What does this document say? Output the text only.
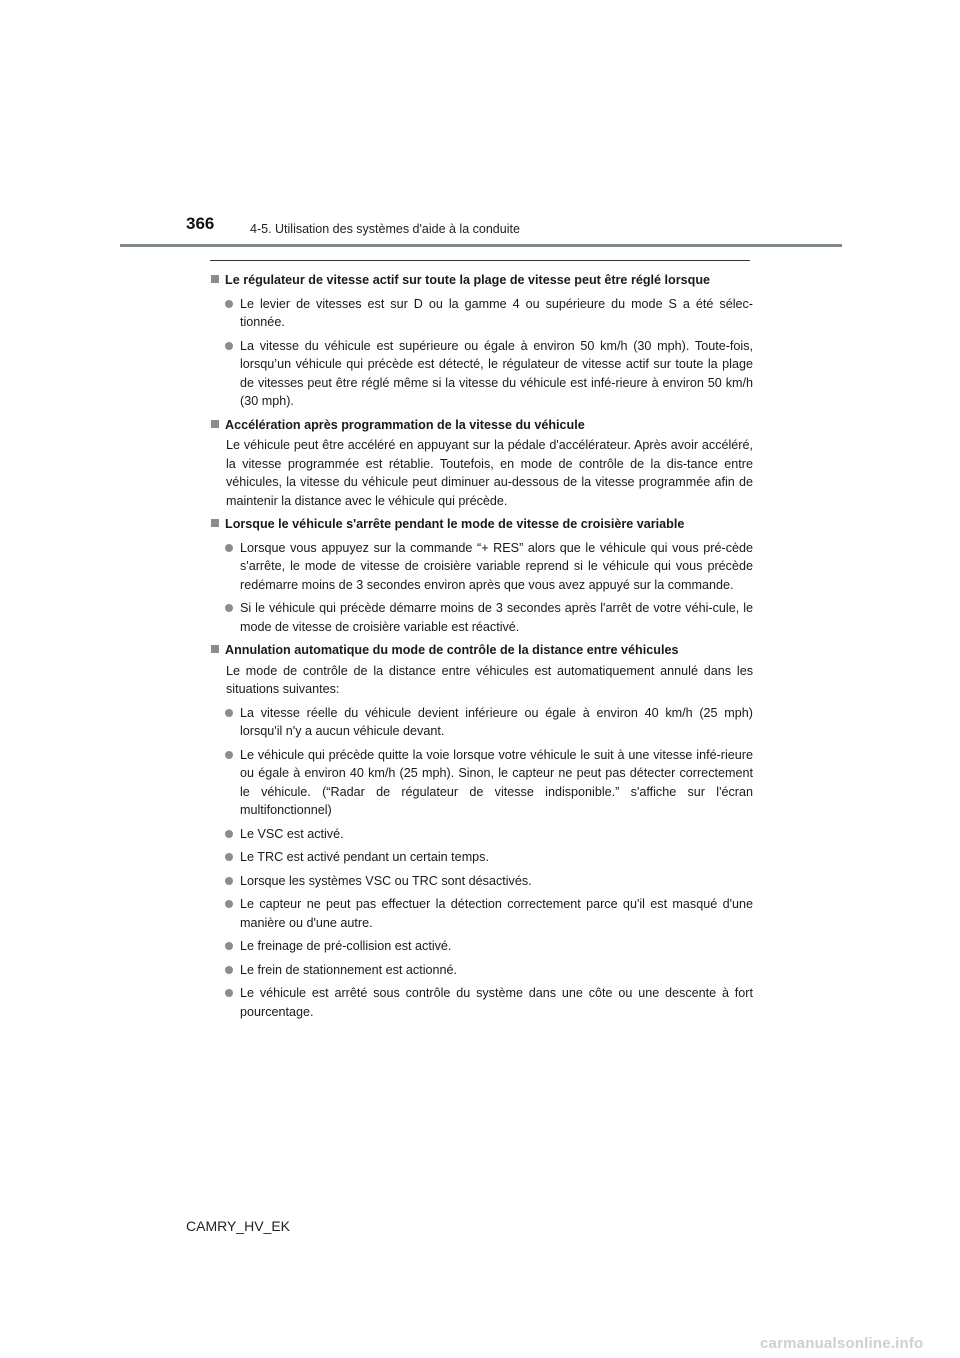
366	4-5. Utilisation des systèmes d'aide à la conduite
Le régulateur de vitesse actif sur toute la plage de vitesse peut être réglé lorsque
Le levier de vitesses est sur D ou la gamme 4 ou supérieure du mode S a été sélec-tionnée.
La vitesse du véhicule est supérieure ou égale à environ 50 km/h (30 mph). Toute-fois, lorsqu’un véhicule qui précède est détecté, le régulateur de vitesse actif sur toute la plage de vitesses peut être réglé même si la vitesse du véhicule est infé-rieure à environ 50 km/h (30 mph).
Accélération après programmation de la vitesse du véhicule
Le véhicule peut être accéléré en appuyant sur la pédale d'accélérateur. Après avoir accéléré, la vitesse programmée est rétablie. Toutefois, en mode de contrôle de la dis-tance entre véhicules, la vitesse du véhicule peut diminuer au-dessous de la vitesse programmée afin de maintenir la distance avec le véhicule qui précède.
Lorsque le véhicule s'arrête pendant le mode de vitesse de croisière variable
Lorsque vous appuyez sur la commande “+ RES” alors que le véhicule qui vous pré-cède s'arrête, le mode de vitesse de croisière variable reprend si le véhicule qui vous précède redémarre moins de 3 secondes environ après que vous avez appuyé sur la commande.
Si le véhicule qui précède démarre moins de 3 secondes après l'arrêt de votre véhi-cule, le mode de vitesse de croisière variable est réactivé.
Annulation automatique du mode de contrôle de la distance entre véhicules
Le mode de contrôle de la distance entre véhicules est automatiquement annulé dans les situations suivantes:
La vitesse réelle du véhicule devient inférieure ou égale à environ 40 km/h (25 mph) lorsqu'il n'y a aucun véhicule devant.
Le véhicule qui précède quitte la voie lorsque votre véhicule le suit à une vitesse infé-rieure ou égale à environ 40 km/h (25 mph). Sinon, le capteur ne peut pas détecter correctement le véhicule. (“Radar de régulateur de vitesse indisponible.” s'affiche sur l'écran multifonctionnel)
Le VSC est activé.
Le TRC est activé pendant un certain temps.
Lorsque les systèmes VSC ou TRC sont désactivés.
Le capteur ne peut pas effectuer la détection correctement parce qu'il est masqué d'une manière ou d'une autre.
Le freinage de pré-collision est activé.
Le frein de stationnement est actionné.
Le véhicule est arrêté sous contrôle du système dans une côte ou une descente à fort pourcentage.
CAMRY_HV_EK
carmanualsonline.info
